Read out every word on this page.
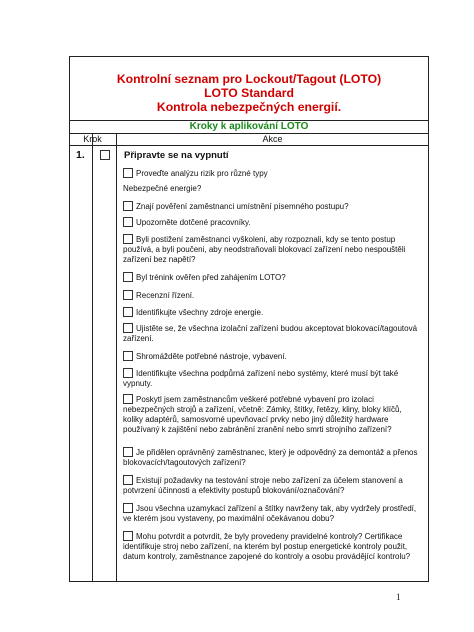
Kontrolní seznam pro Lockout/Tagout (LOTO)
LOTO Standard
Kontrola nebezpečných energií.
Kroky k aplikování LOTO
Krok	Akce
1.	Připravte se na vypnutí
Proveďte analýzu rizik pro různé typy
Nebezpečné energie?
Znají pověření zaměstnanci umístnění písemného postupu?
Upozorněte dotčené pracovníky.
Byli postižení zaměstnanci vyškoleni, aby rozpoznali, kdy se tento postup používá, a byli poučeni, aby neodstraňovali blokovací zařízení nebo nespouštěli zařízení bez napětí?
Byl trénink ověřen před zahájením LOTO?
Recenzní řízení.
Identifikujte všechny zdroje energie.
Ujistěte se, že všechna izolační zařízení budou akceptovat blokovací/tagoutová zařízení.
Shromážděte potřebné nástroje, vybavení.
Identifikujte všechna podpůrná zařízení nebo systémy, které musí být také vypnuty.
Poskytl jsem zaměstnancům veškeré potřebné vybavení pro izolaci nebezpečných strojů a zařízení, včetně: Zámky, štítky, řetězy, kliny, bloky klíčů, koliky adaptérů, samosvorné upevňovací prvky nebo jiný důležitý hardware používaný k zajištění nebo zabránění zranění nebo smrti strojního zařízení?
Je přidělen oprávněný zaměstnanec, který je odpovědný za demontáž a přenos blokovacích/tagoutových zařízení?
Existují požadavky na testování stroje nebo zařízení za účelem stanovení a potvrzení účinnosti a efektivity postupů blokování/označování?
Jsou všechna uzamykací zařízení a štítky navrženy tak, aby vydržely prostředí, ve kterém jsou vystaveny, po maximální očekávanou dobu?
Mohu potvrdit a potvrdit, že byly provedeny pravidelné kontroly? Certifikace identifikuje stroj nebo zařízení, na kterém byl postup energetické kontroly použit, datum kontroly, zaměstnance zapojené do kontroly a osobu provádějící kontrolu?
1
